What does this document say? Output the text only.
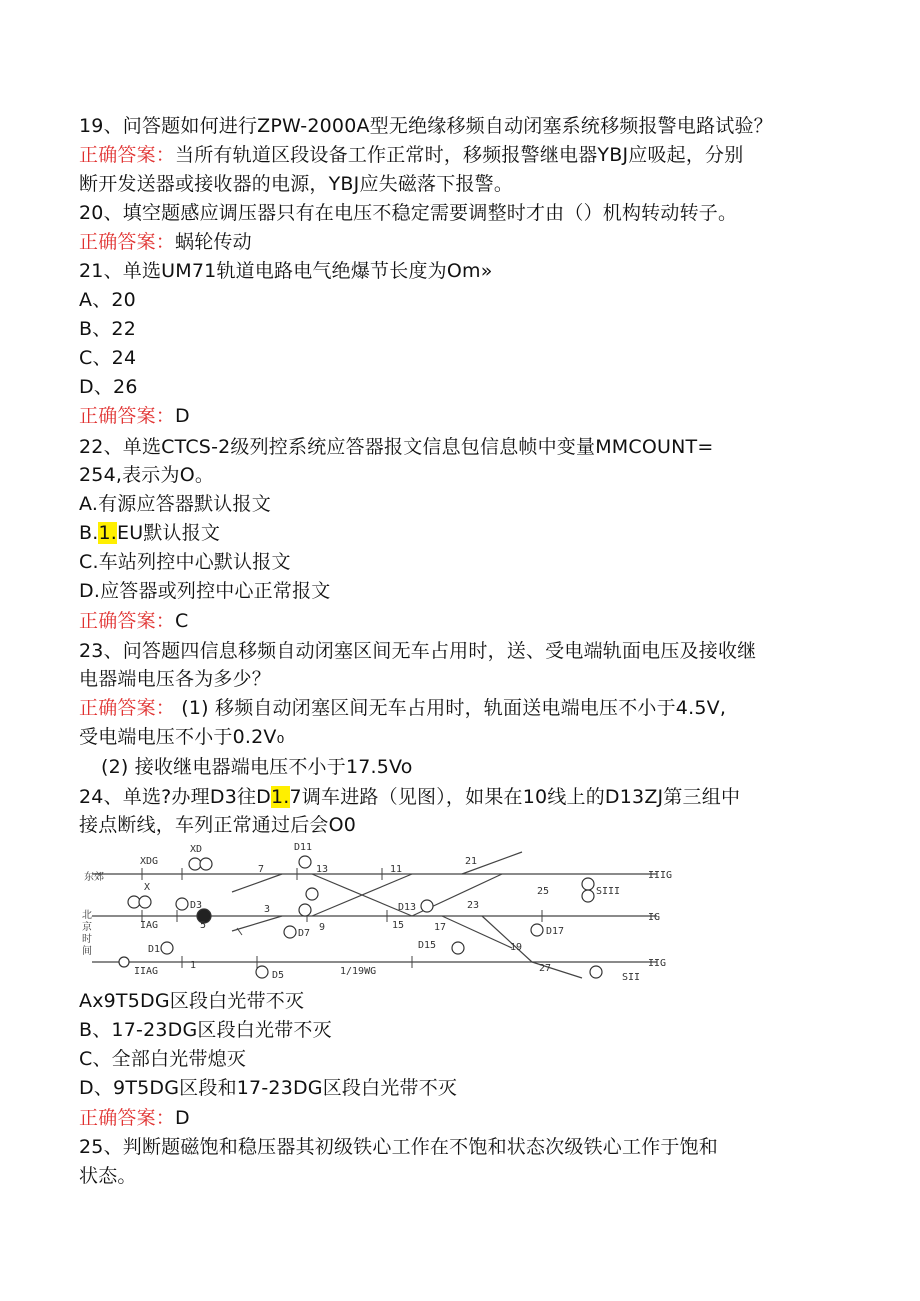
19、问答题如何进行ZPW-2000A型无绝缘移频自动闭塞系统移频报警电路试验？
正确答案：当所有轨道区段设备工作正常时，移频报警继电器YBJ应吸起，分别
断开发送器或接收器的电源，YBJ应失磁落下报警。
20、填空题感应调压器只有在电压不稳定需要调整时才由（）机构转动转子。
正确答案：蜗轮传动
21、单选UM71轨道电路电气绝爆节长度为Om»
A、20
B、22
C、24
D、26
正确答案：D
22、单选CTCS-2级列控系统应答器报文信息包信息帧中变量MMCOUNT=
254,表示为O。
A.有源应答器默认报文
B.1.EU默认报文
C.车站列控中心默认报文
D.应答器或列控中心正常报文
正确答案：C
23、问答题四信息移频自动闭塞区间无车占用时，送、受电端轨面电压及接收继
电器端电压各为多少？
正确答案： (1) 移频自动闭塞区间无车占用时，轨面送电端电压不小于4.5V,
受电端电压不小于0.2V₀
(2) 接收继电器端电压不小于17.5Vo
24、单选?办理D3往D1.7调车进路（见图），如果在10线上的D13ZJ第三组中
接点断线，车列正常通过后会O0
东郊
北
京
时
间
XDG
XD
X
IAG
IIAG
D3
D1
D5
D7
9
D11
D13
D15
D17
1
3
5
7	11
13
15	17
19
21
23
25
27
SIII
SII
IIIG
IG
IIG
1/19WG
Ax9T5DG区段白光带不灭
B、17-23DG区段白光带不灭
C、全部白光带熄灭
D、9T5DG区段和17-23DG区段白光带不灭
正确答案：D
25、判断题磁饱和稳压器其初级铁心工作在不饱和状态次级铁心工作于饱和
状态。
